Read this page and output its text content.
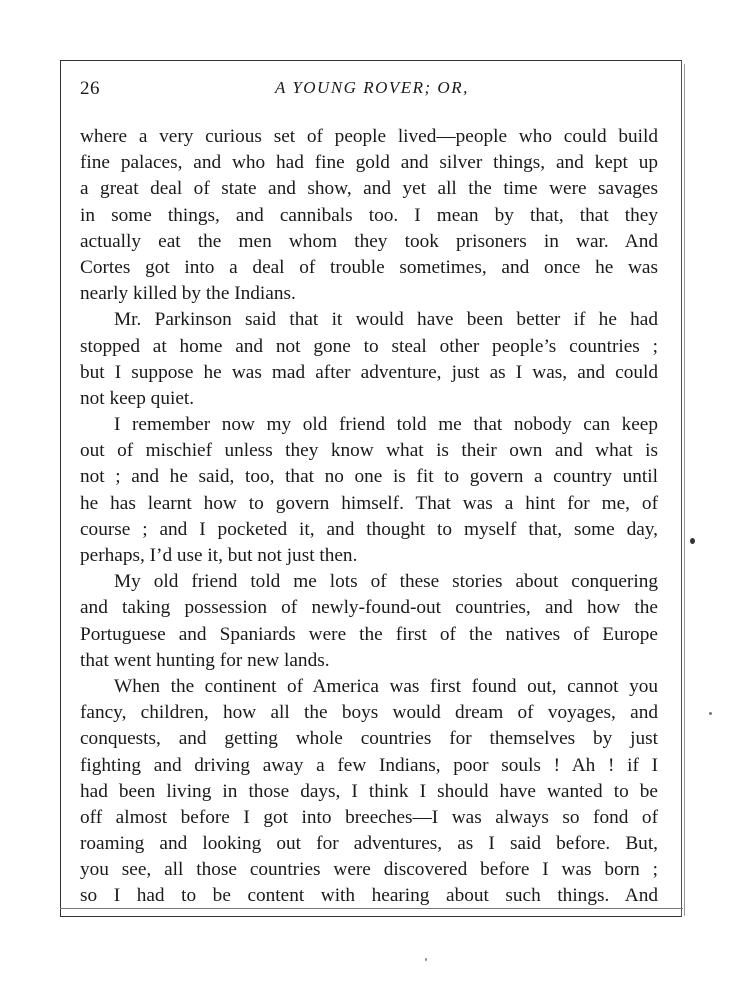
26	A YOUNG ROVER; OR,
where a very curious set of people lived—people who could build
fine palaces, and who had fine gold and silver things, and kept up
a great deal of state and show, and yet all the time were savages
in some things, and cannibals too. I mean by that, that they
actually eat the men whom they took prisoners in war. And
Cortes got into a deal of trouble sometimes, and once he was
nearly killed by the Indians.
Mr. Parkinson said that it would have been better if he had
stopped at home and not gone to steal other people’s countries ;
but I suppose he was mad after adventure, just as I was, and could
not keep quiet.
I remember now my old friend told me that nobody can keep
out of mischief unless they know what is their own and what is
not ; and he said, too, that no one is fit to govern a country until
he has learnt how to govern himself. That was a hint for me, of
course ; and I pocketed it, and thought to myself that, some day,
perhaps, I’d use it, but not just then.
My old friend told me lots of these stories about conquering
and taking possession of newly-found-out countries, and how the
Portuguese and Spaniards were the first of the natives of Europe
that went hunting for new lands.
When the continent of America was first found out, cannot you
fancy, children, how all the boys would dream of voyages, and
conquests, and getting whole countries for themselves by just
fighting and driving away a few Indians, poor souls ! Ah ! if I
had been living in those days, I think I should have wanted to be
off almost before I got into breeches—I was always so fond of
roaming and looking out for adventures, as I said before. But,
you see, all those countries were discovered before I was born ;
so I had to be content with hearing about such things. And
